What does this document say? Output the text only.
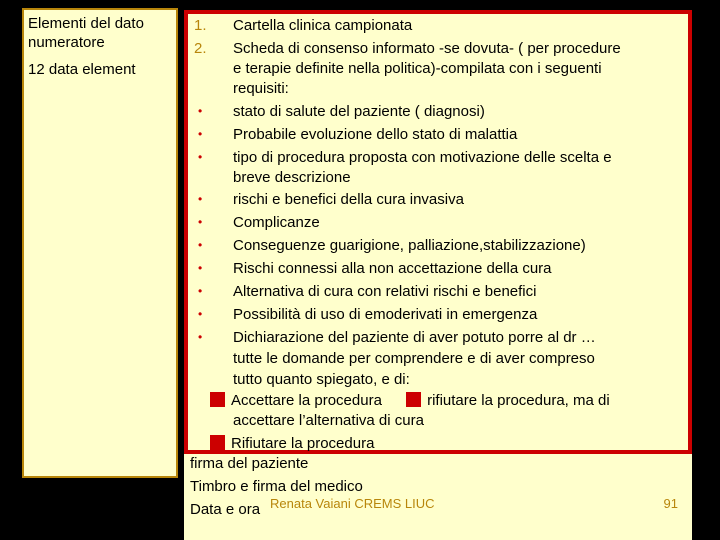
Elementi del dato
numeratore
12 data element
1. Cartella clinica campionata
2. Scheda di consenso informato -se dovuta- ( per procedure
e terapie definite nella politica)-compilata con i seguenti
requisiti:
• stato di salute del paziente ( diagnosi)
• Probabile evoluzione dello stato di malattia
• tipo di procedura proposta con motivazione delle scelta e
breve descrizione
• rischi e benefici della cura invasiva
• Complicanze
• Conseguenze guarigione, palliazione,stabilizzazione)
• Rischi connessi alla non accettazione della cura
• Alternativa di cura con relativi rischi e benefici
• Possibilità di uso di emoderivati in emergenza
• Dichiarazione del paziente di aver potuto porre al dr …
tutte le domande per comprendere e di aver compreso
tutto quanto spiegato, e di:
Accettare la procedura	rifiutare la procedura, ma di
accettare l’alternativa di cura
Rifiutare la procedura
firma del paziente
Timbro e firma del medico
Data e ora Renata Vaiani CREMS LIUC	91
